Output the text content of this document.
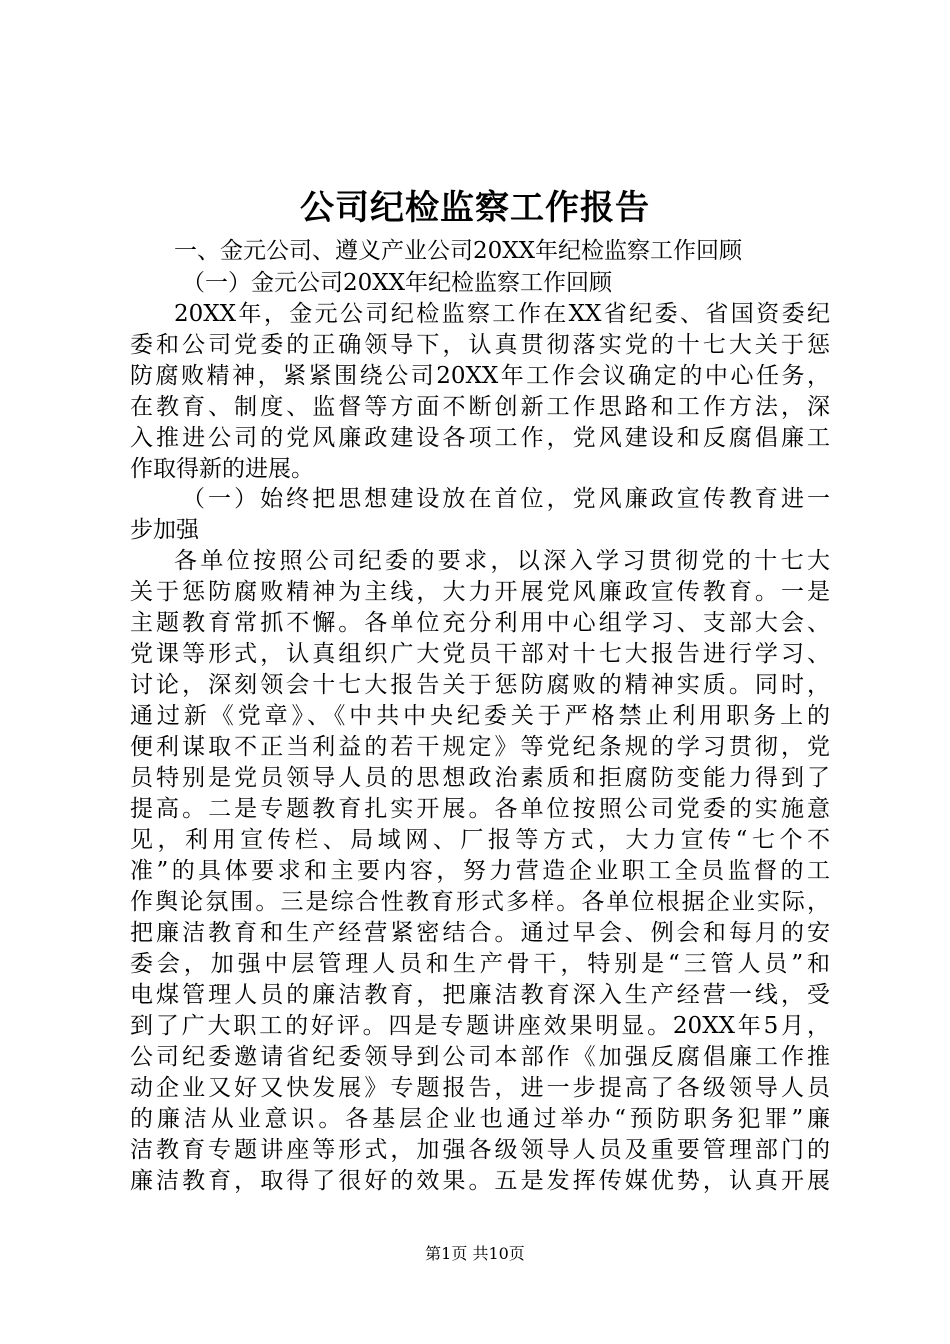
公司纪检监察工作报告
一、金元公司、遵义产业公司20XX年纪检监察工作回顾
（一）金元公司20XX年纪检监察工作回顾
20XX年，金元公司纪检监察工作在XX省纪委、省国资委纪
委和公司党委的正确领导下，认真贯彻落实党的十七大关于惩
防腐败精神，紧紧围绕公司20XX年工作会议确定的中心任务，
在教育、制度、监督等方面不断创新工作思路和工作方法，深
入推进公司的党风廉政建设各项工作，党风建设和反腐倡廉工
作取得新的进展。
（一）始终把思想建设放在首位，党风廉政宣传教育进一
步加强
各单位按照公司纪委的要求，以深入学习贯彻党的十七大
关于惩防腐败精神为主线，大力开展党风廉政宣传教育。一是
主题教育常抓不懈。各单位充分利用中心组学习、支部大会、
党课等形式，认真组织广大党员干部对十七大报告进行学习、
讨论，深刻领会十七大报告关于惩防腐败的精神实质。同时，
通过新《党章》、《中共中央纪委关于严格禁止利用职务上的
便利谋取不正当利益的若干规定》等党纪条规的学习贯彻，党
员特别是党员领导人员的思想政治素质和拒腐防变能力得到了
提高。二是专题教育扎实开展。各单位按照公司党委的实施意
见，利用宣传栏、局域网、厂报等方式，大力宣传“七个不
准”的具体要求和主要内容，努力营造企业职工全员监督的工
作舆论氛围。三是综合性教育形式多样。各单位根据企业实际，
把廉洁教育和生产经营紧密结合。通过早会、例会和每月的安
委会，加强中层管理人员和生产骨干，特别是“三管人员”和
电煤管理人员的廉洁教育，把廉洁教育深入生产经营一线，受
到了广大职工的好评。四是专题讲座效果明显。20XX年5月，
公司纪委邀请省纪委领导到公司本部作《加强反腐倡廉工作推
动企业又好又快发展》专题报告，进一步提高了各级领导人员
的廉洁从业意识。各基层企业也通过举办“预防职务犯罪”廉
洁教育专题讲座等形式，加强各级领导人员及重要管理部门的
廉洁教育，取得了很好的效果。五是发挥传媒优势，认真开展
第1页 共10页
